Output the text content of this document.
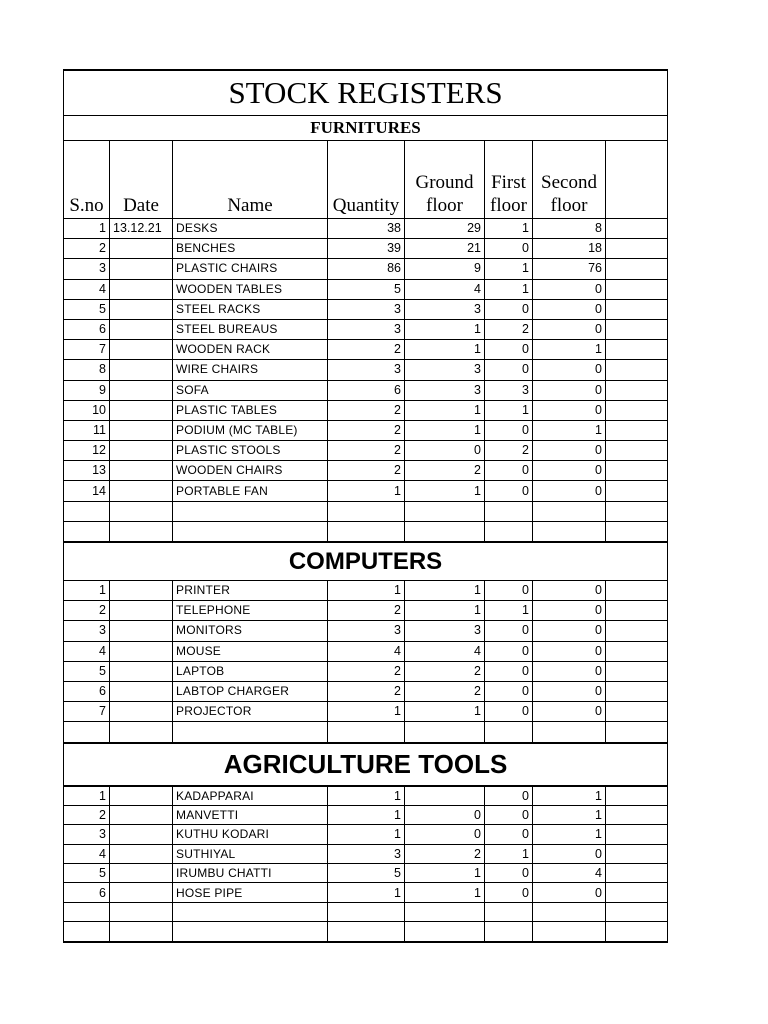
STOCK REGISTERS							
FURNITURES							
S.no	Date	Name	Quantity	Ground floor	First floor	Second floor	
1	13.12.21	DESKS	38	29	1	8	
2		BENCHES	39	21	0	18	
3		PLASTIC CHAIRS	86	9	1	76	
4		WOODEN TABLES	5	4	1	0	
5		STEEL RACKS	3	3	0	0	
6		STEEL BUREAUS	3	1	2	0	
7		WOODEN RACK	2	1	0	1	
8		WIRE CHAIRS	3	3	0	0	
9		SOFA	6	3	3	0	
10		PLASTIC TABLES	2	1	1	0	
11		PODIUM (MC TABLE)	2	1	0	1	
12		PLASTIC STOOLS	2	0	2	0	
13		WOODEN CHAIRS	2	2	0	0	
14		PORTABLE FAN	1	1	0	0	

COMPUTERS							
1		PRINTER	1	1	0	0	
2		TELEPHONE	2	1	1	0	
3		MONITORS	3	3	0	0	
4		MOUSE	4	4	0	0	
5		LAPTOB	2	2	0	0	
6		LABTOP CHARGER	2	2	0	0	
7		PROJECTOR	1	1	0	0	

AGRICULTURE TOOLS							
1		KADAPPARAI	1		0	1	
2		MANVETTI	1	0	0	1	
3		KUTHU KODARI	1	0	0	1	
4		SUTHIYAL	3	2	1	0	
5		IRUMBU CHATTI	5	1	0	4	
6		HOSE PIPE	1	1	0	0	
